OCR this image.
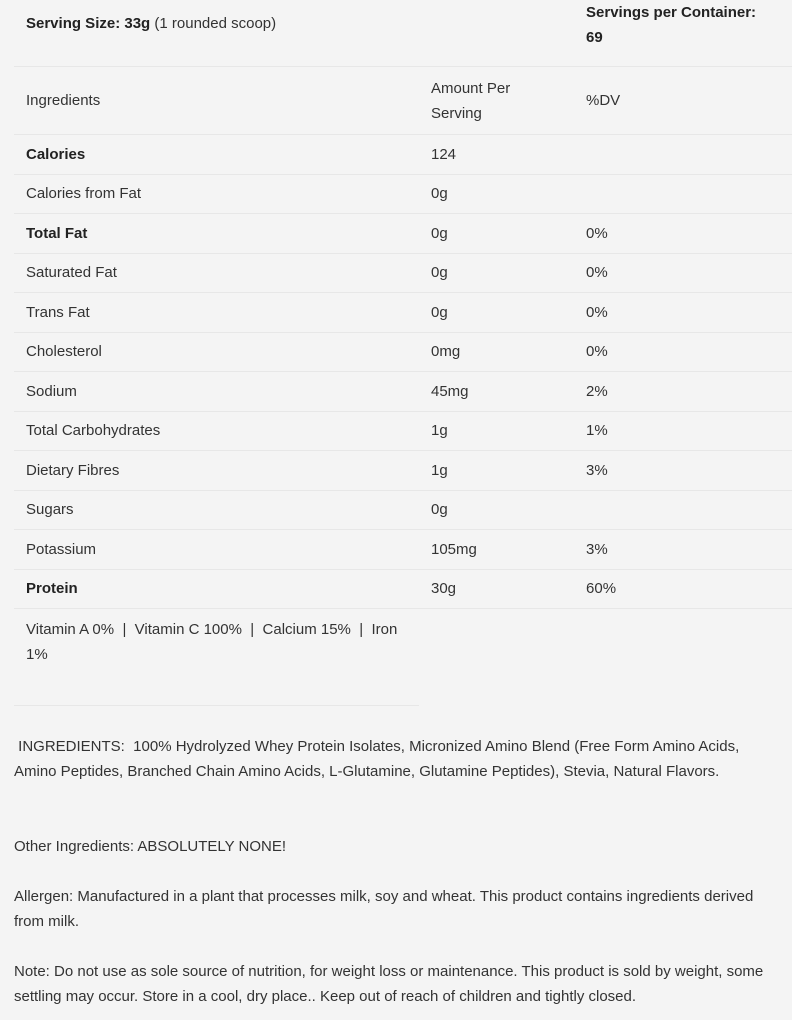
Serving Size: 33g (1 rounded scoop)		Servings per Container:
69

Ingredients	Amount Per Serving	%DV
Calories	124	
Calories from Fat	0g	
Total Fat	0g	0%
Saturated Fat	0g	0%
Trans Fat	0g	0%
Cholesterol	0mg	0%
Sodium	45mg	2%
Total Carbohydrates	1g	1%
Dietary Fibres	1g	3%
Sugars	0g	
Potassium	105mg	3%
Protein	30g	60%
Vitamin A 0%  |  Vitamin C 100%  |  Calcium 15%  |  Iron 1%		
INGREDIENTS:  100% Hydrolyzed Whey Protein Isolates, Micronized Amino Blend (Free Form Amino Acids, Amino Peptides, Branched Chain Amino Acids, L-Glutamine, Glutamine Peptides), Stevia, Natural Flavors.
Other Ingredients: ABSOLUTELY NONE!
Allergen: Manufactured in a plant that processes milk, soy and wheat. This product contains ingredients derived from milk.
Note: Do not use as sole source of nutrition, for weight loss or maintenance. This product is sold by weight, some settling may occur. Store in a cool, dry place.. Keep out of reach of children and tightly closed.
